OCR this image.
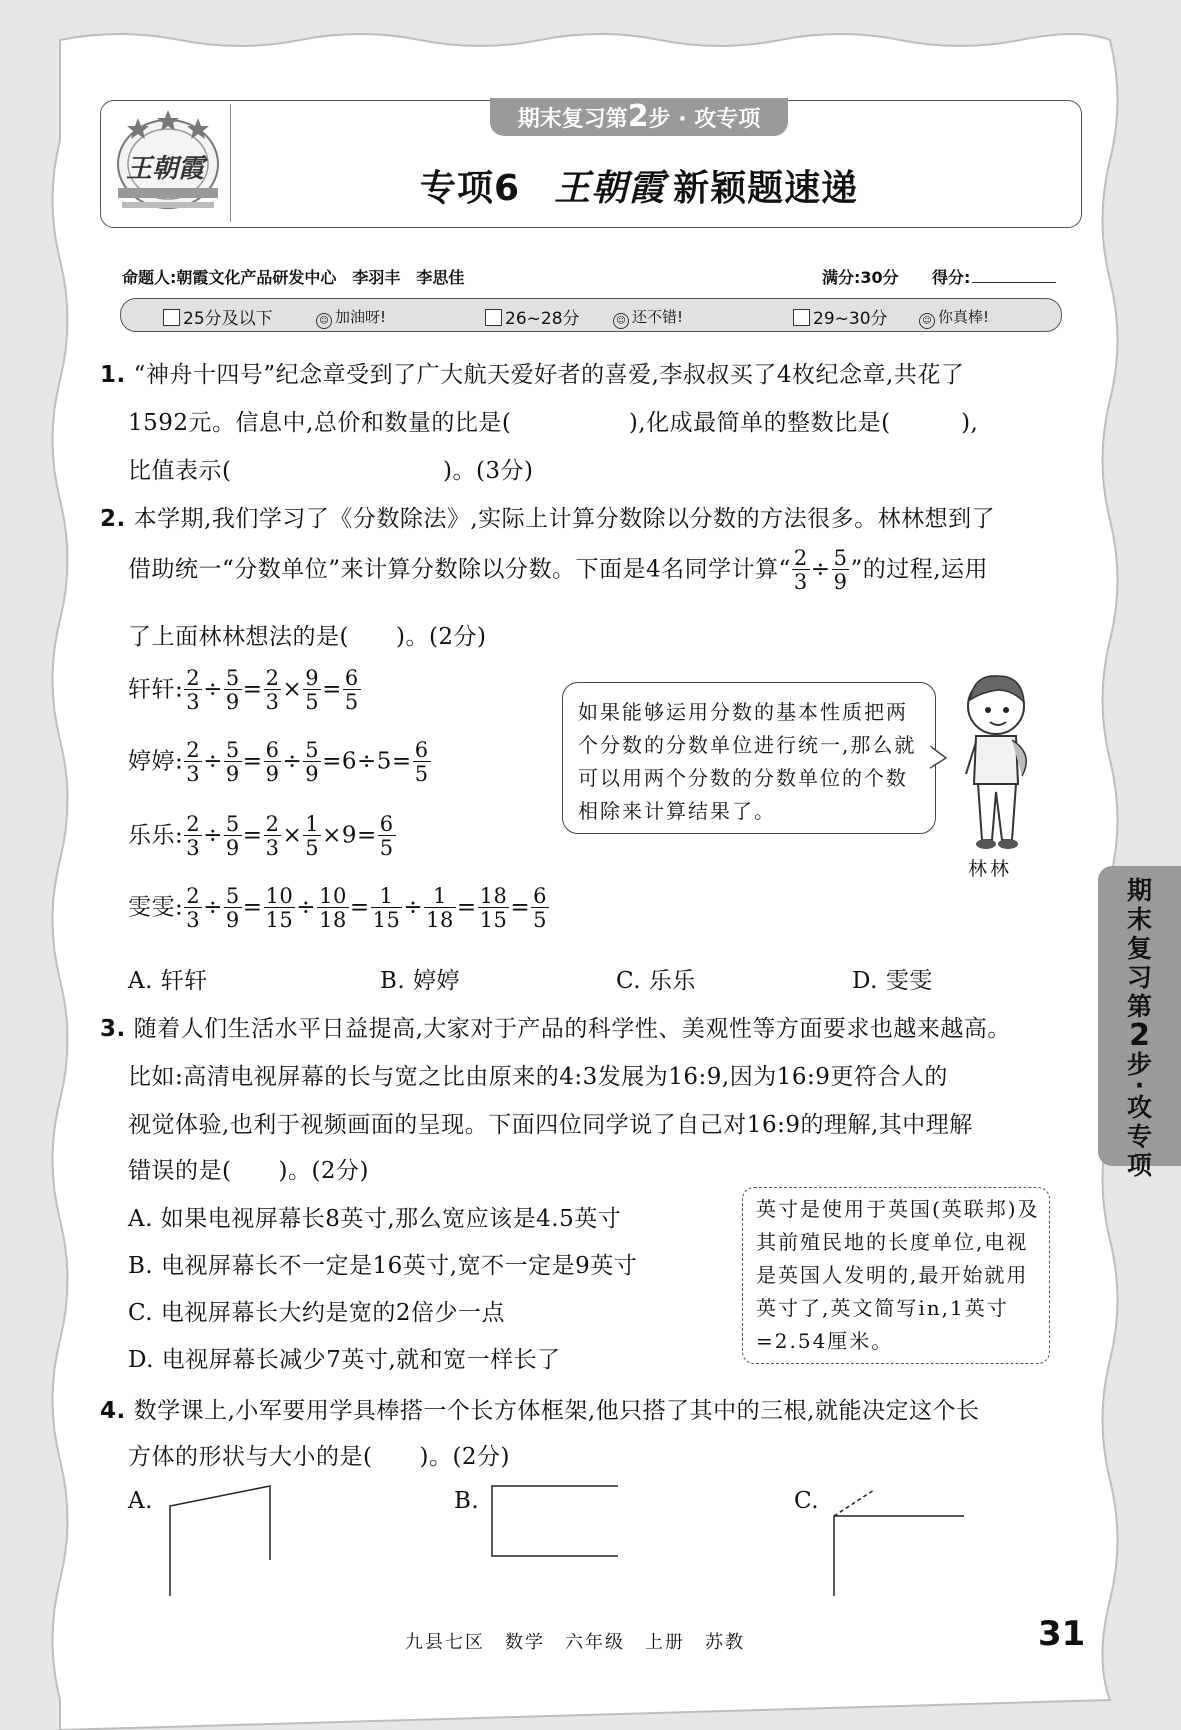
王朝霞
期末复习第2步 · 攻专项
专项6 王朝霞 新颖题速递
命题人:朝霞文化产品研发中心　李羽丰　李思佳	满分:30分 得分:
25分及以下	☺ 加油呀!	26~28分	☺ 还不错!	29~30分	☺ 你真棒!
1. “神舟十四号”纪念章受到了广大航天爱好者的喜爱,李叔叔买了4枚纪念章,共花了
1592元。信息中,总价和数量的比是(　　　　　),化成最简单的整数比是(　　　),
比值表示(　　　　　　　　　)。(3分)
2. 本学期,我们学习了《分数除法》,实际上计算分数除以分数的方法很多。林林想到了
借助统一“分数单位”来计算分数除以分数。下面是4名同学计算“ $\frac{2}{3} \div \frac{5}{9}$ ”的过程,运用
了上面林林想法的是(　　)。(2分)
轩轩: $\frac{2}{3} \div \frac{5}{9} = \frac{2}{3} \times \frac{9}{5} = \frac{6}{5}$
婷婷: $\frac{2}{3} \div \frac{5}{9} = \frac{6}{9} \div \frac{5}{9} =6\div 5= \frac{6}{5}$
乐乐: $\frac{2}{3} \div \frac{5}{9} = \frac{2}{3} \times \frac{1}{5} \times 9= \frac{6}{5}$
雯雯: $\frac{2}{3} \div \frac{5}{9} = \frac{10}{15} \div \frac{10}{18} = \frac{1}{15} \div \frac{1}{18} = \frac{18}{15} = \frac{6}{5}$
如果能够运用分数的基本性质把两个分数的分数单位进行统一,那么就可以用两个分数的分数单位的个数相除来计算结果了。
林林
A. 轩轩	B. 婷婷	C. 乐乐	D. 雯雯
3. 随着人们生活水平日益提高,大家对于产品的科学性、美观性等方面要求也越来越高。
比如:高清电视屏幕的长与宽之比由原来的4:3发展为16:9,因为16:9更符合人的
视觉体验,也利于视频画面的呈现。下面四位同学说了自己对16:9的理解,其中理解
错误的是(　　)。(2分)
A. 如果电视屏幕长8英寸,那么宽应该是4.5英寸
B. 电视屏幕长不一定是16英寸,宽不一定是9英寸
C. 电视屏幕长大约是宽的2倍少一点
D. 电视屏幕长减少7英寸,就和宽一样长了
英寸是使用于英国(英联邦)及其前殖民地的长度单位,电视是英国人发明的,最开始就用英寸了,英文简写in,1英寸=2.54厘米。
4. 数学课上,小军要用学具棒搭一个长方体框架,他只搭了其中的三根,就能决定这个长
方体的形状与大小的是(　　)。(2分)
A.	B.	C.
期
末
复
习
第
2
步
·
攻
专
项
九县七区　数学　六年级　上册　苏教	31
